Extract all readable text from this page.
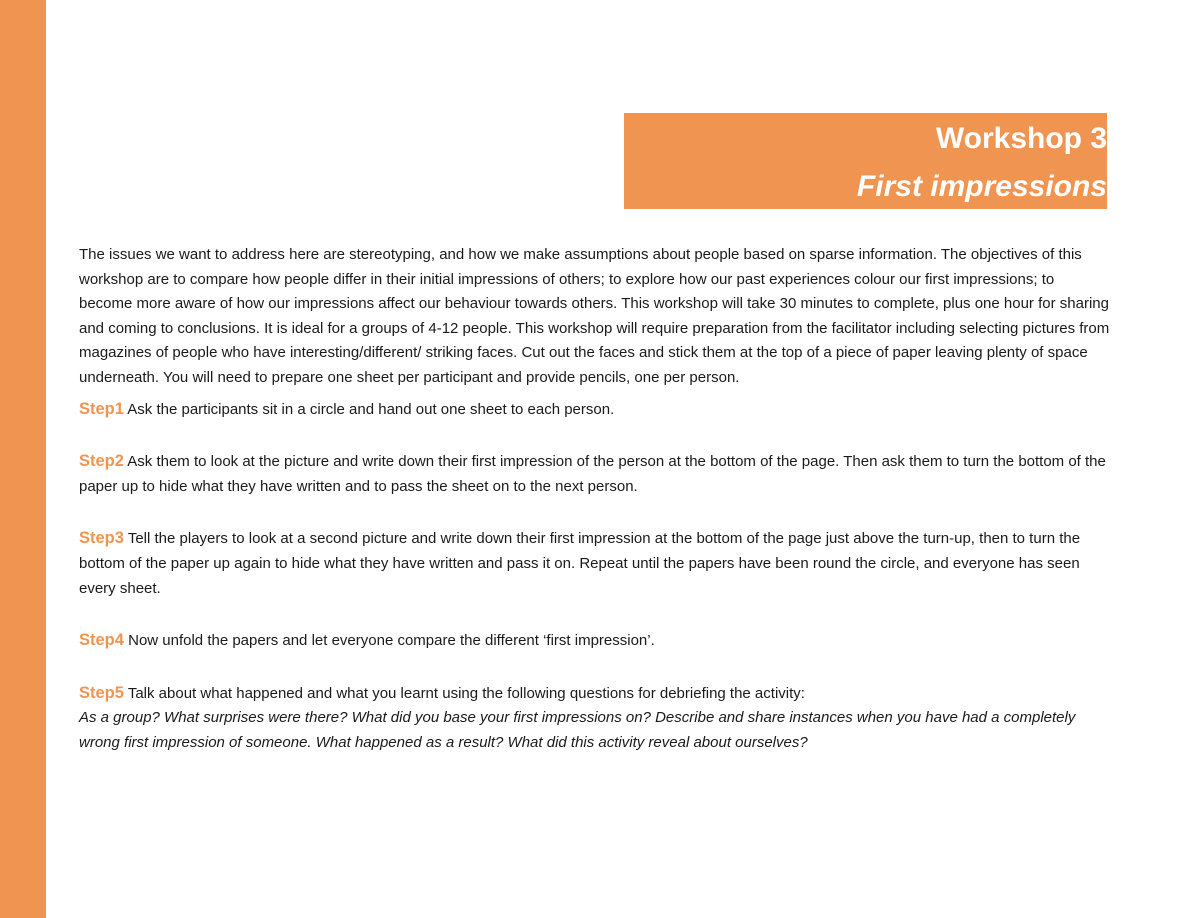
Workshop 3
First impressions

The issues we want to address here are stereotyping, and how we make assumptions about people based on sparse information. The objectives of this workshop are to compare how people differ in their initial impressions of others; to explore how our past experiences colour our first impressions; to become more aware of how our impressions affect our behaviour towards others. This workshop will take 30 minutes to complete, plus one hour for sharing and coming to conclusions. It is ideal for a groups of 4-12 people. This workshop will require preparation from the facilitator including selecting pictures from magazines of people who have interesting/different/ striking faces. Cut out the faces and stick them at the top of a piece of paper leaving plenty of space underneath. You will need to prepare one sheet per participant and provide pencils, one per person.

Step1 Ask the participants sit in a circle and hand out one sheet to each person.

Step2 Ask them to look at the picture and write down their first impression of the person at the bottom of the page. Then ask them to turn the bottom of the paper up to hide what they have written and to pass the sheet on to the next person.

Step3 Tell the players to look at a second picture and write down their first impression at the bottom of the page just above the turn-up, then to turn the bottom of the paper up again to hide what they have written and pass it on. Repeat until the papers have been round the circle, and everyone has seen every sheet.

Step4 Now unfold the papers and let everyone compare the different ‘first impression’.

Step5 Talk about what happened and what you learnt using the following questions for debriefing the activity:

As a group? What surprises were there? What did you base your first impressions on? Describe and share instances when you have had a completely wrong first impression of someone. What happened as a result? What did this activity reveal about ourselves?
